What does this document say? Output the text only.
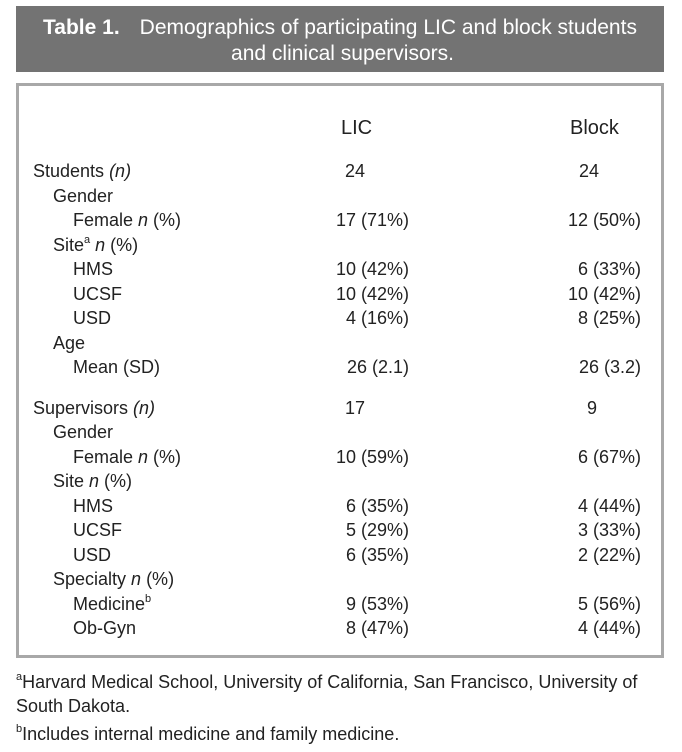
Table 1. Demographics of participating LIC and block students
and clinical supervisors.
LIC	Block
Students (n)	24	24
Gender
Female n (%)	17 (71%)	12 (50%)
Site$^a$ n (%)
HMS	10 (42%)	6 (33%)
UCSF	10 (42%)	10 (42%)
USD	4 (16%)	8 (25%)
Age
Mean (SD)	26 (2.1)	26 (3.2)
Supervisors (n)	17	9
Gender
Female n (%)	10 (59%)	6 (67%)
Site n (%)
HMS	6 (35%)	4 (44%)
UCSF	5 (29%)	3 (33%)
USD	6 (35%)	2 (22%)
Specialty n (%)
Medicine$^b$	9 (53%)	5 (56%)
Ob-Gyn	8 (47%)	4 (44%)
$^a$Harvard Medical School, University of California, San Francisco, University of
South Dakota.
$^b$Includes internal medicine and family medicine.
